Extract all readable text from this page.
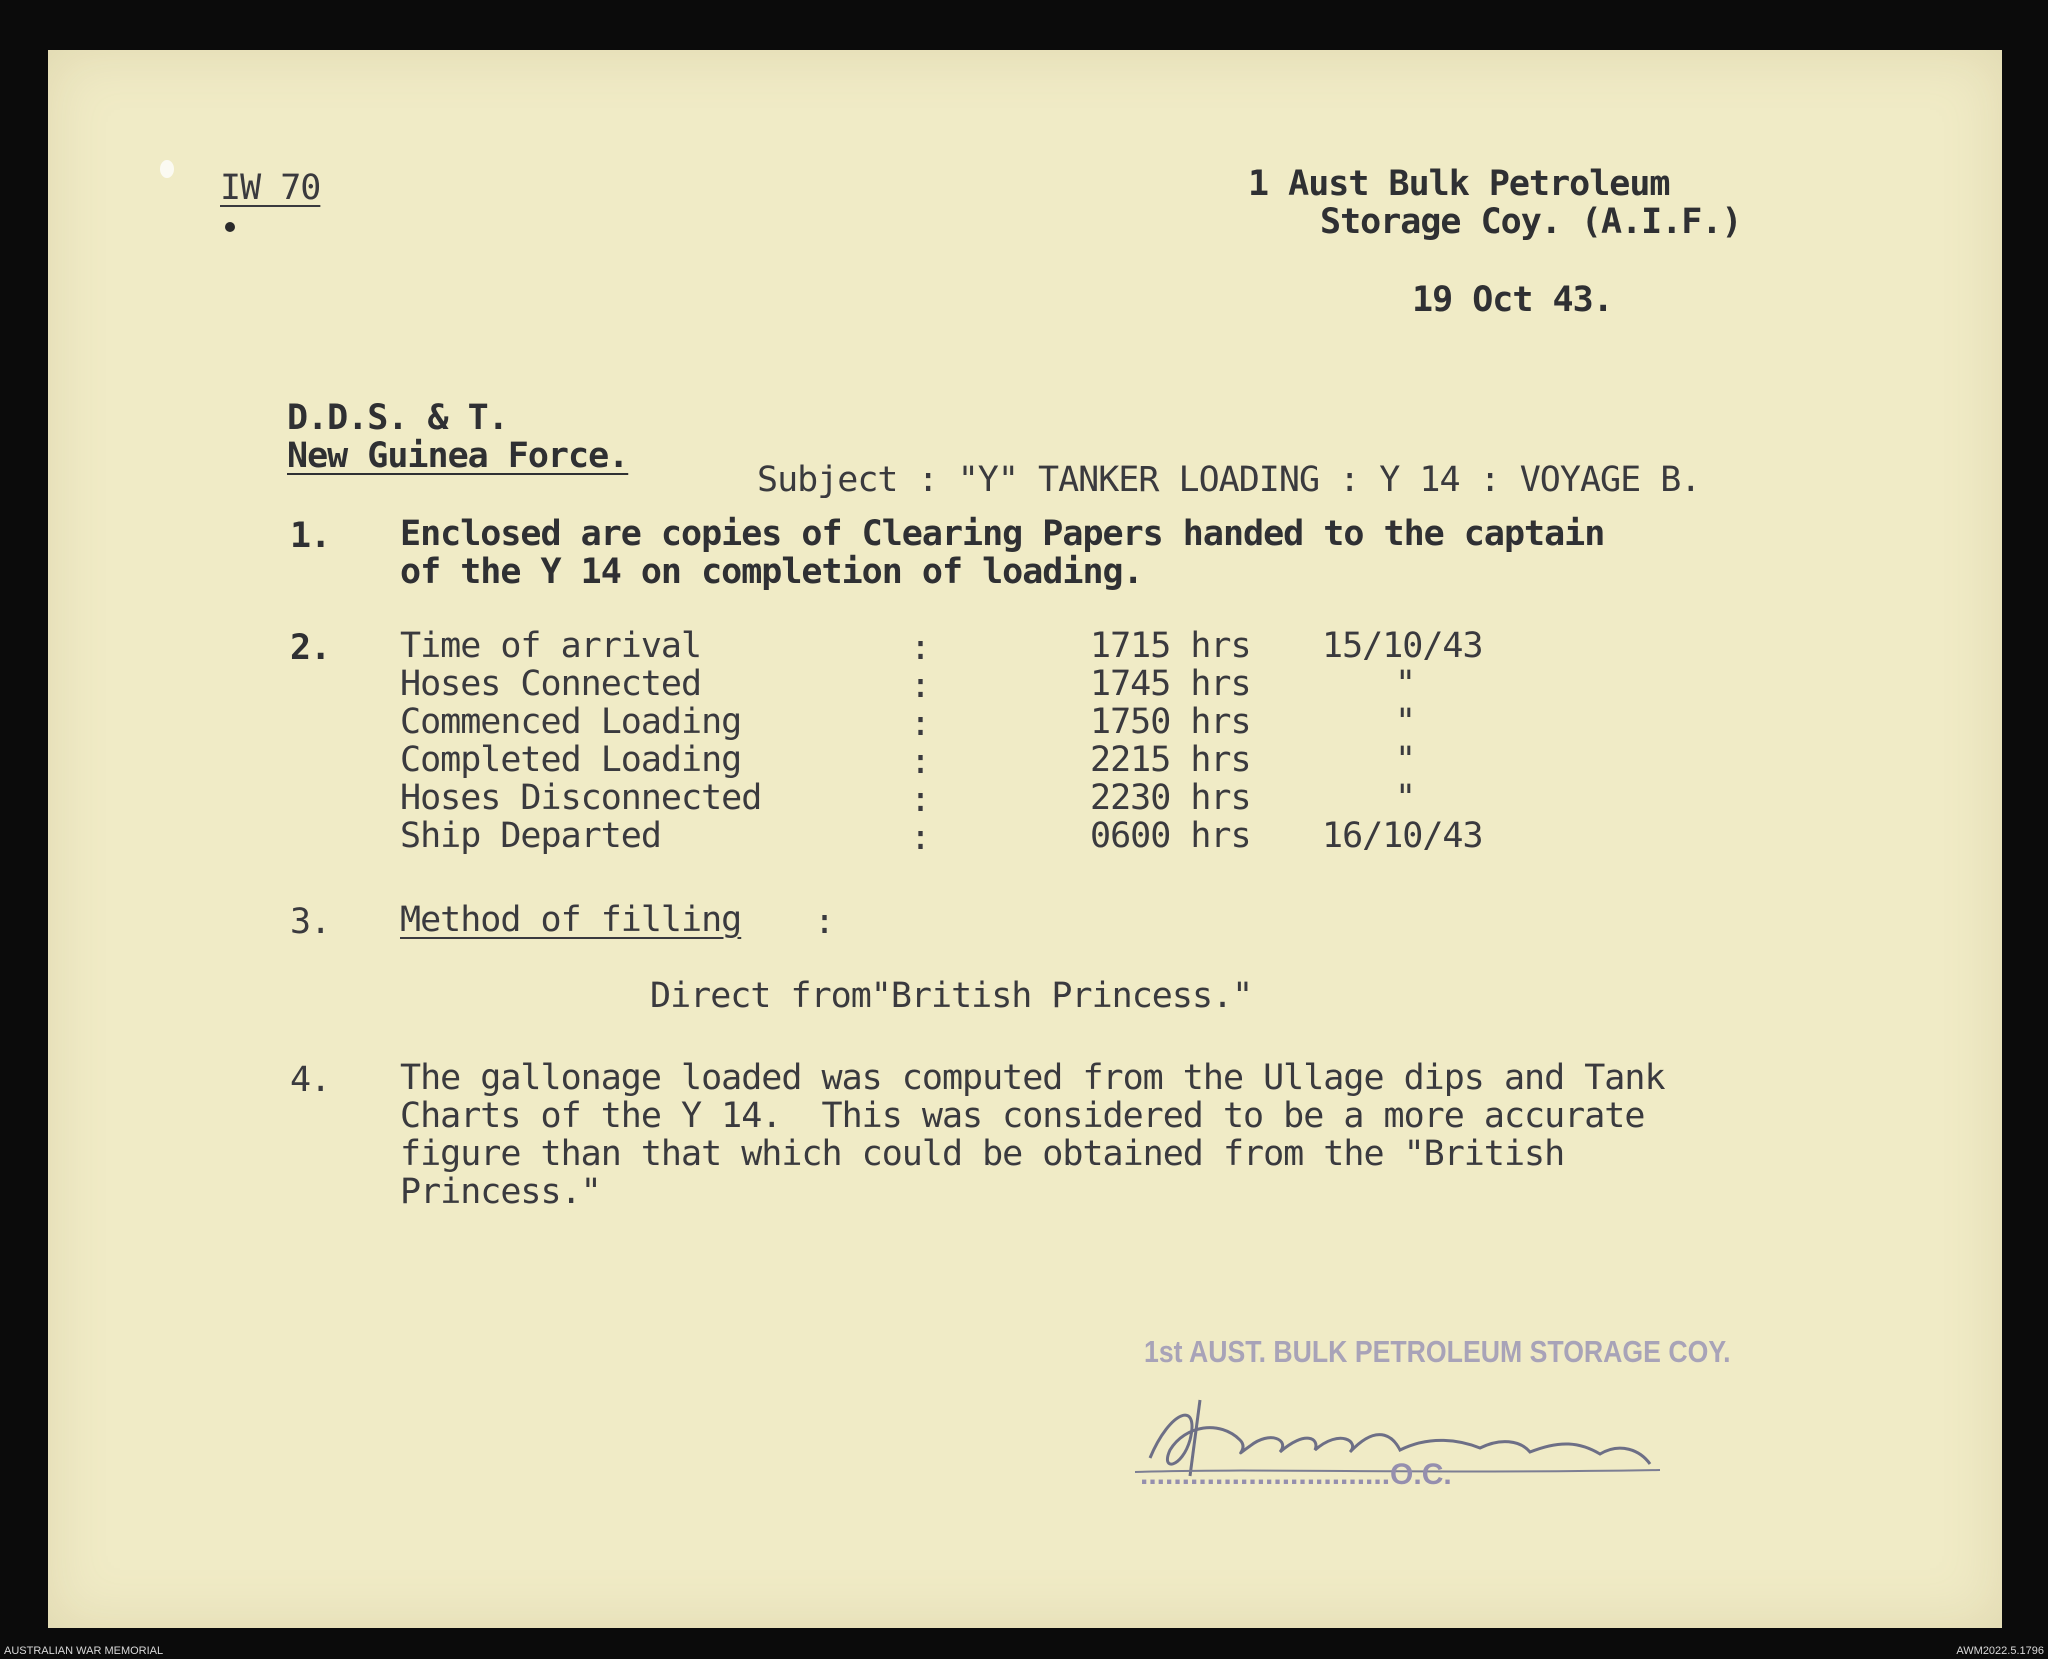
IW 70	1 Aust Bulk Petroleum
Storage Coy. (A.I.F.)
19 Oct 43.
D.D.S. & T.
New Guinea Force.
Subject : "Y" TANKER LOADING : Y 14 : VOYAGE B.
1. Enclosed are copies of Clearing Papers handed to the captain
of the Y 14 on completion of loading.
2. Time of arrival	:	1715 hrs 15/10/43
Hoses Connected	:	1745 hrs	"
Commenced Loading	:	1750 hrs	"
Completed Loading	:	2215 hrs	"
Hoses Disconnected	:	2230 hrs	"
Ship Departed	:	0600 hrs 16/10/43
3. Method of filling :
Direct from"British Princess."
4. The gallonage loaded was computed from the Ullage dips and Tank
Charts of the Y 14.  This was considered to be a more accurate
figure than that which could be obtained from the "British
Princess."
1st AUST. BULK PETROLEUM STORAGE COY.
..............................O.C.
AUSTRALIAN WAR MEMORIAL	AWM2022.5.1796
